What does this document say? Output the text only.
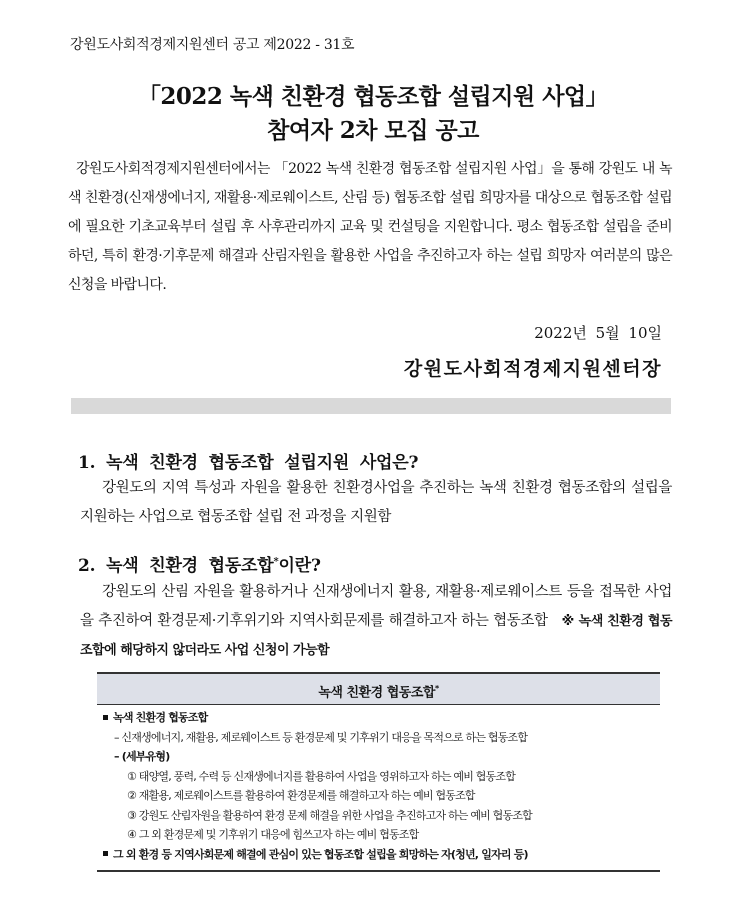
강원도사회적경제지원센터 공고 제2022 - 31호
「2022 녹색 친환경 협동조합 설립지원 사업」
참여자 2차 모집 공고

강원도사회적경제지원센터에서는 「2022 녹색 친환경 협동조합 설립지원 사업」을 통해 강원도 내 녹색 친환경(신재생에너지, 재활용·제로웨이스트, 산림 등) 협동조합 설립 희망자를 대상으로 협동조합 설립에 필요한 기초교육부터 설립 후 사후관리까지 교육 및 컨설팅을 지원합니다. 평소 협동조합 설립을 준비하던, 특히 환경·기후문제 해결과 산림자원을 활용한 사업을 추진하고자 하는 설립 희망자 여러분의 많은 신청을 바랍니다.

2022년 5월 10일
강원도사회적경제지원센터장
1. 녹색 친환경 협동조합 설립지원 사업은?

강원도의 지역 특성과 자원을 활용한 친환경사업을 추진하는 녹색 친환경 협동조합의 설립을 지원하는 사업으로 협동조합 설립 전 과정을 지원함

2. 녹색 친환경 협동조합*이란?

강원도의 산림 자원을 활용하거나 신재생에너지 활용, 재활용·제로웨이스트 등을 접목한 사업을 추진하여 환경문제·기후위기와 지역사회문제를 해결하고자 하는 협동조합 ※ 녹색 친환경 협동조합에 해당하지 않더라도 사업 신청이 가능함

녹색 친환경 협동조합*
녹색 친환경 협동조합
– 신재생에너지, 재활용, 제로웨이스트 등 환경문제 및 기후위기 대응을 목적으로 하는 협동조합
– (세부유형)
① 태양열, 풍력, 수력 등 신재생에너지를 활용하여 사업을 영위하고자 하는 예비 협동조합
② 재활용, 제로웨이스트를 활용하여 환경문제를 해결하고자 하는 예비 협동조합
③ 강원도 산림자원을 활용하여 환경 문제 해결을 위한 사업을 추진하고자 하는 예비 협동조합
④ 그 외 환경문제 및 기후위기 대응에 힘쓰고자 하는 예비 협동조합
그 외 환경 등 지역사회문제 해결에 관심이 있는 협동조합 설립을 희망하는 자(청년, 일자리 등)
